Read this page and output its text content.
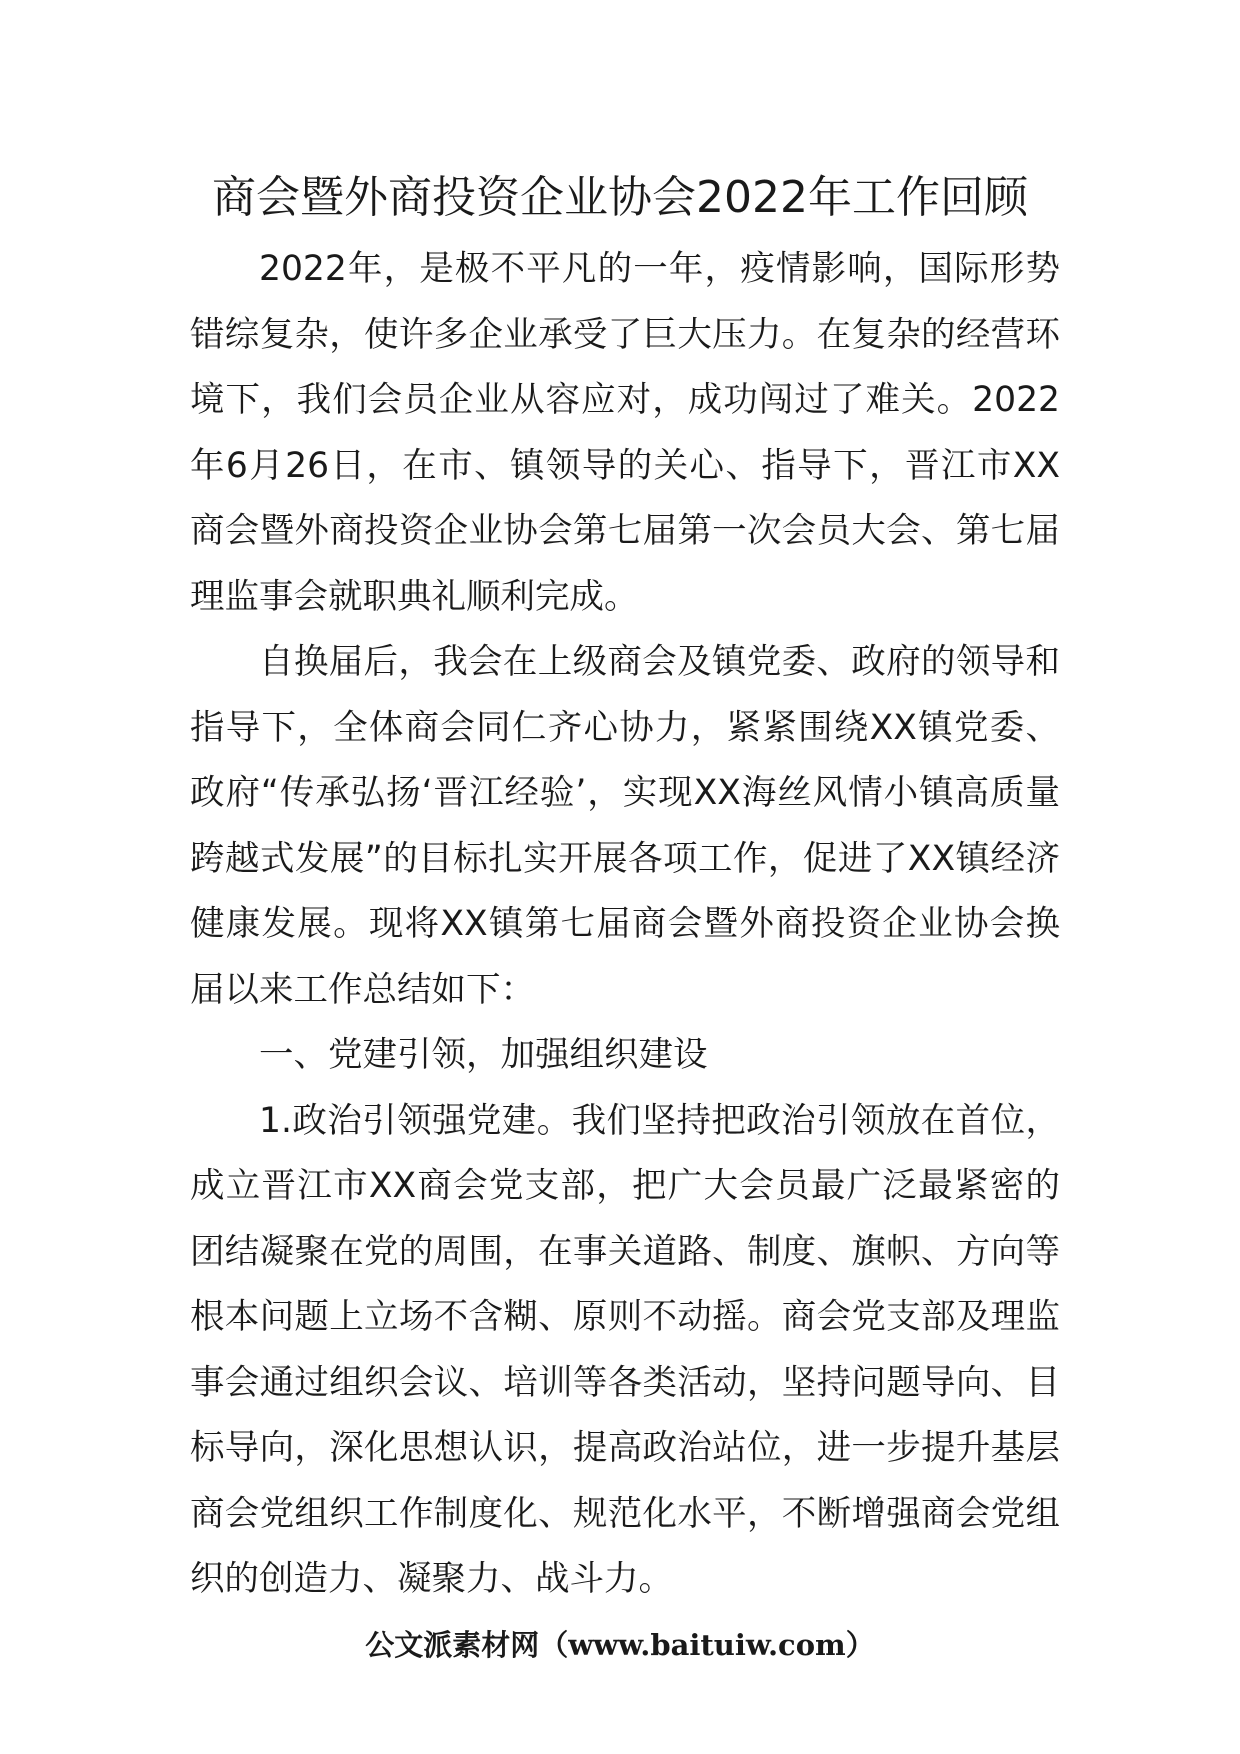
商会暨外商投资企业协会2022年工作回顾

2022年，是极不平凡的一年，疫情影响，国际形势错综复杂，使许多企业承受了巨大压力。在复杂的经营环境下，我们会员企业从容应对，成功闯过了难关。2022年6月26日，在市、镇领导的关心、指导下，晋江市XX商会暨外商投资企业协会第七届第一次会员大会、第七届理监事会就职典礼顺利完成。

自换届后，我会在上级商会及镇党委、政府的领导和指导下，全体商会同仁齐心协力，紧紧围绕XX镇党委、政府“传承弘扬‘晋江经验’，实现XX海丝风情小镇高质量跨越式发展”的目标扎实开展各项工作，促进了XX镇经济健康发展。现将XX镇第七届商会暨外商投资企业协会换届以来工作总结如下：

一、党建引领，加强组织建设

1.政治引领强党建。我们坚持把政治引领放在首位，成立晋江市XX商会党支部，把广大会员最广泛最紧密的团结凝聚在党的周围，在事关道路、制度、旗帜、方向等根本问题上立场不含糊、原则不动摇。商会党支部及理监事会通过组织会议、培训等各类活动，坚持问题导向、目标导向，深化思想认识，提高政治站位，进一步提升基层商会党组织工作制度化、规范化水平，不断增强商会党组织的创造力、凝聚力、战斗力。

公文派素材网（www.baituiw.com）
